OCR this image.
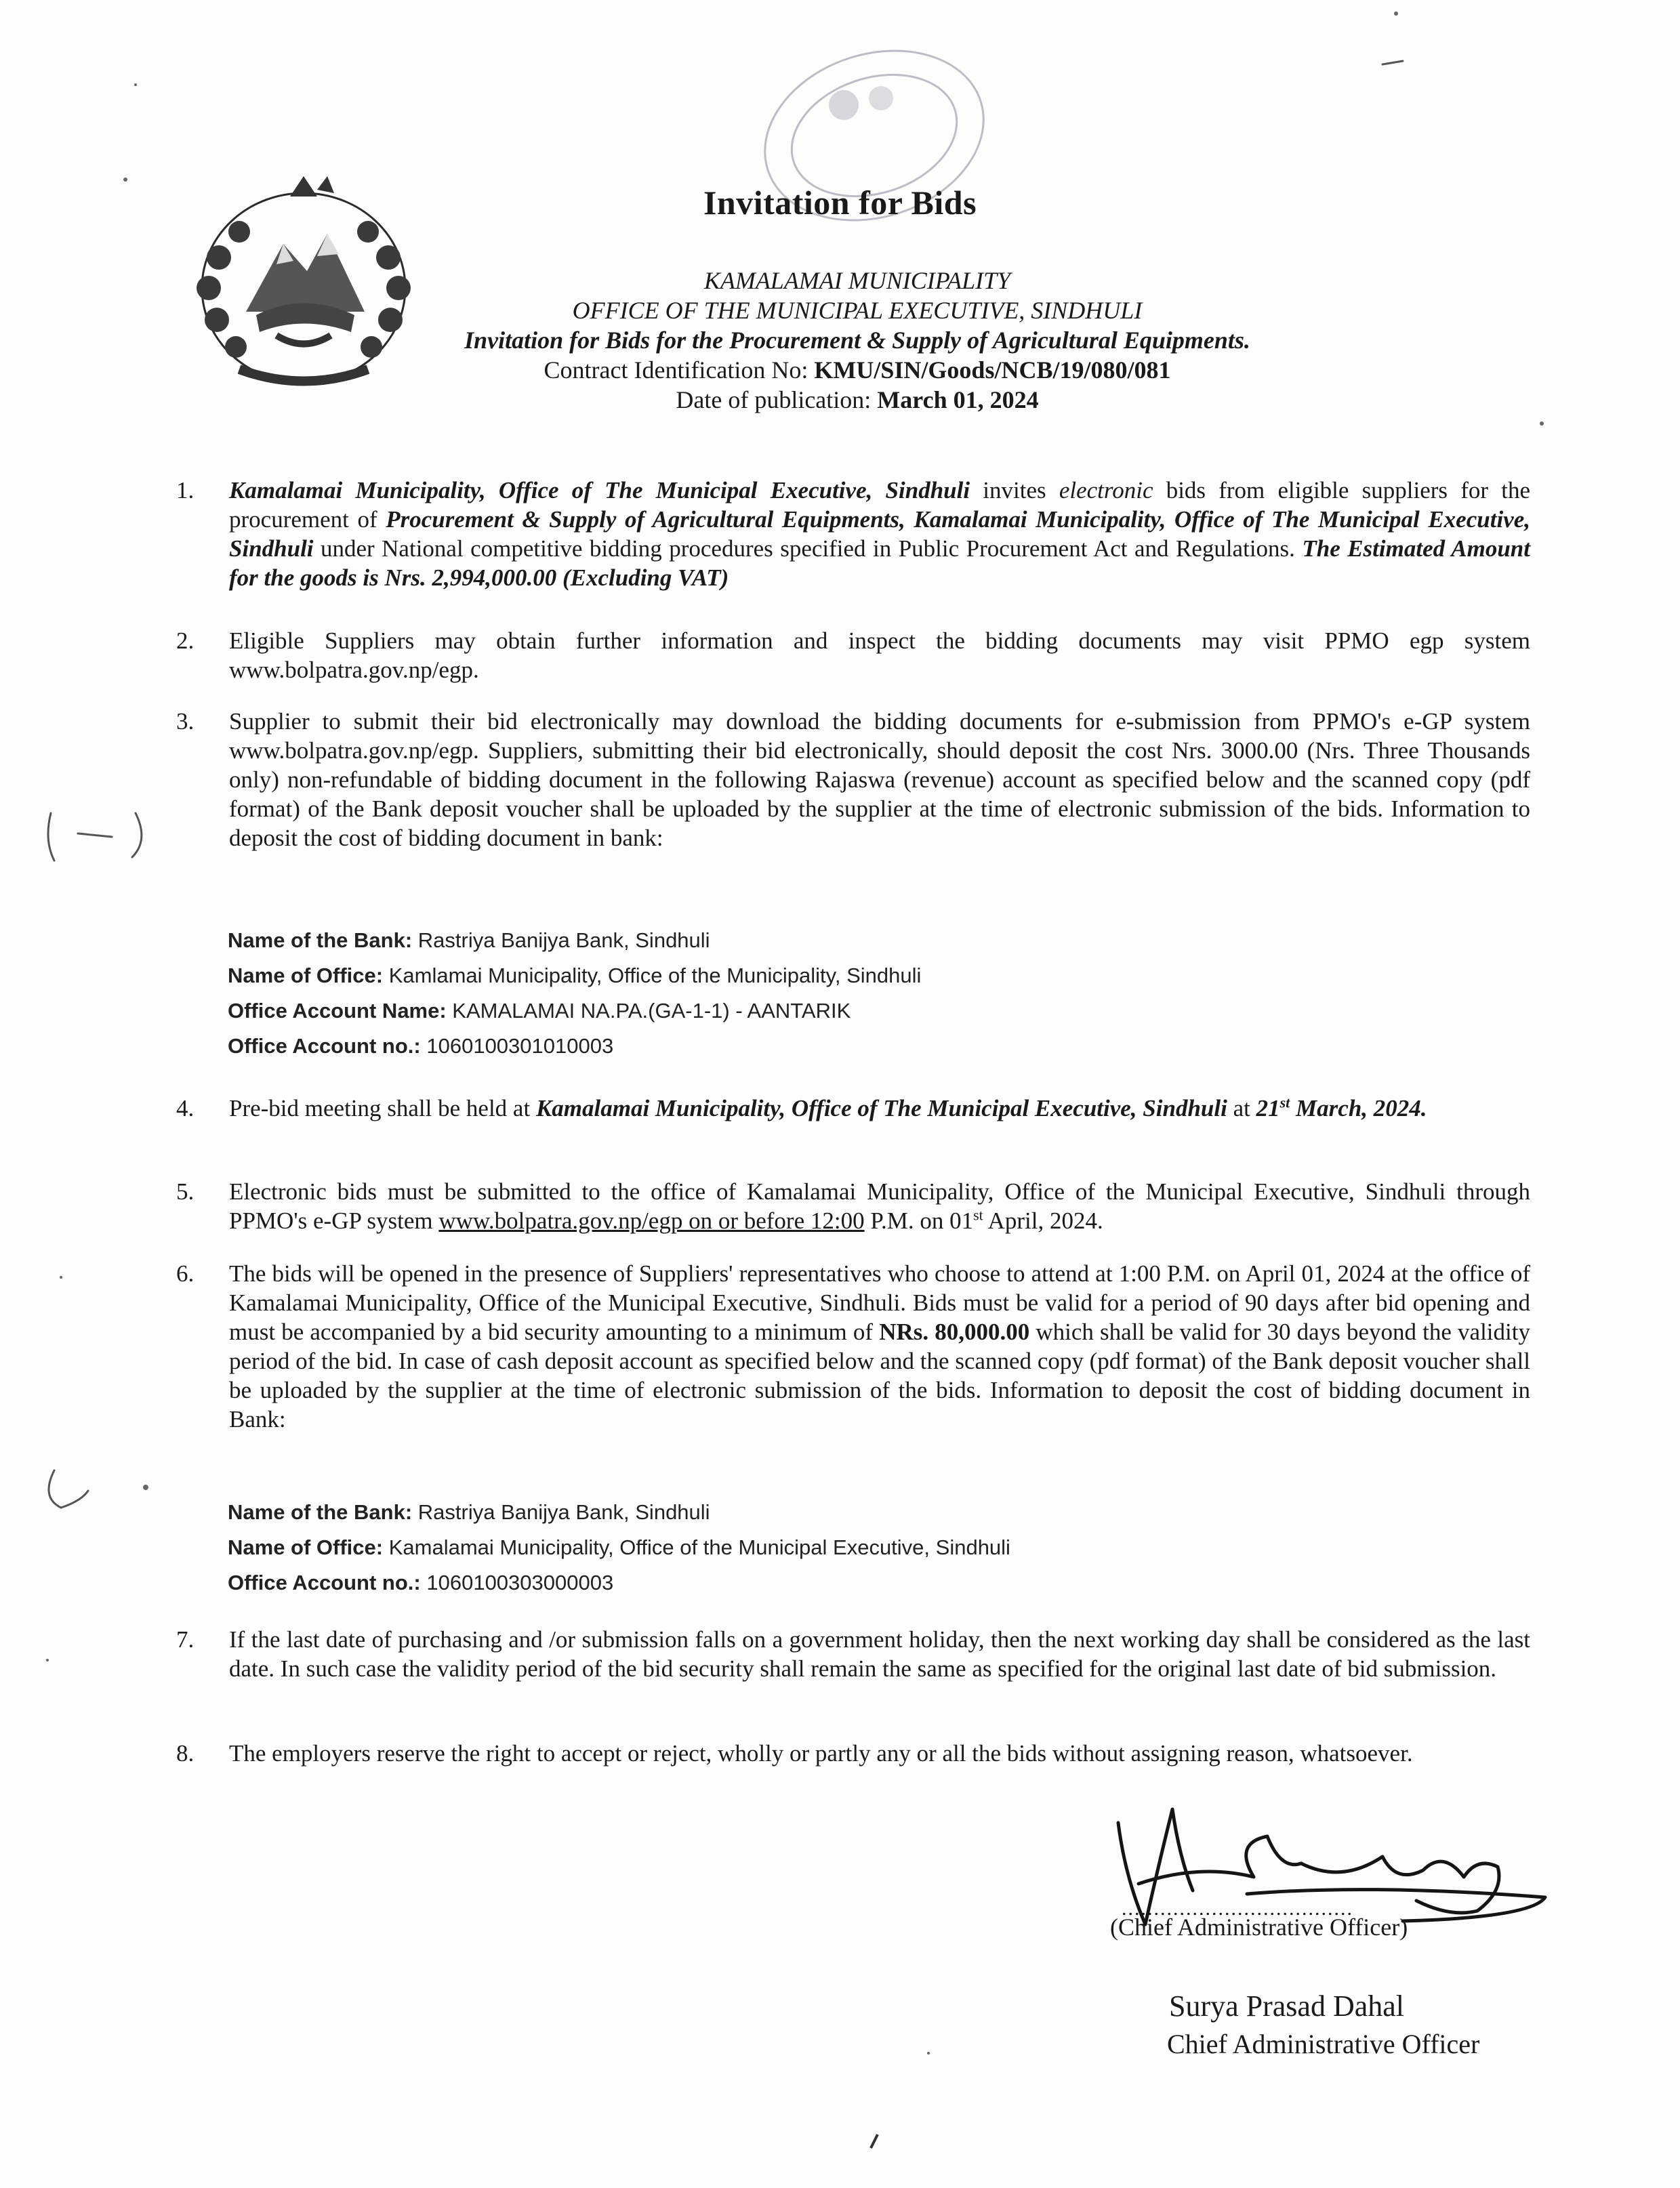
Invitation for Bids
KAMALAMAI MUNICIPALITY
OFFICE OF THE MUNICIPAL EXECUTIVE, SINDHULI
Invitation for Bids for the Procurement & Supply of Agricultural Equipments.
Contract Identification No: KMU/SIN/Goods/NCB/19/080/081
Date of publication: March 01, 2024
1.	Kamalamai Municipality, Office of The Municipal Executive, Sindhuli invites electronic bids from eligible suppliers for the procurement of Procurement & Supply of Agricultural Equipments, Kamalamai Municipality, Office of The Municipal Executive, Sindhuli under National competitive bidding procedures specified in Public Procurement Act and Regulations. The Estimated Amount for the goods is Nrs. 2,994,000.00 (Excluding VAT)
2.	Eligible Suppliers may obtain further information and inspect the bidding documents may visit PPMO egp system www.bolpatra.gov.np/egp.
3.	Supplier to submit their bid electronically may download the bidding documents for e-submission from PPMO's e-GP system www.bolpatra.gov.np/egp. Suppliers, submitting their bid electronically, should deposit the cost Nrs. 3000.00 (Nrs. Three Thousands only) non-refundable of bidding document in the following Rajaswa (revenue) account as specified below and the scanned copy (pdf format) of the Bank deposit voucher shall be uploaded by the supplier at the time of electronic submission of the bids. Information to deposit the cost of bidding document in bank:
Name of the Bank: Rastriya Banijya Bank, Sindhuli
Name of Office: Kamlamai Municipality, Office of the Municipality, Sindhuli
Office Account Name: KAMALAMAI NA.PA.(GA-1-1) - AANTARIK
Office Account no.: 1060100301010003
4.	Pre-bid meeting shall be held at Kamalamai Municipality, Office of The Municipal Executive, Sindhuli at 21st March, 2024.
5.	Electronic bids must be submitted to the office of Kamalamai Municipality, Office of the Municipal Executive, Sindhuli through PPMO's e-GP system www.bolpatra.gov.np/egp on or before 12:00 P.M. on 01st April, 2024.
6.	The bids will be opened in the presence of Suppliers' representatives who choose to attend at 1:00 P.M. on April 01, 2024 at the office of Kamalamai Municipality, Office of the Municipal Executive, Sindhuli. Bids must be valid for a period of 90 days after bid opening and must be accompanied by a bid security amounting to a minimum of NRs. 80,000.00 which shall be valid for 30 days beyond the validity period of the bid. In case of cash deposit account as specified below and the scanned copy (pdf format) of the Bank deposit voucher shall be uploaded by the supplier at the time of electronic submission of the bids. Information to deposit the cost of bidding document in Bank:
Name of the Bank: Rastriya Banijya Bank, Sindhuli
Name of Office: Kamalamai Municipality, Office of the Municipal Executive, Sindhuli
Office Account no.: 1060100303000003
7.	If the last date of purchasing and /or submission falls on a government holiday, then the next working day shall be considered as the last date. In such case the validity period of the bid security shall remain the same as specified for the original last date of bid submission.
8.	The employers reserve the right to accept or reject, wholly or partly any or all the bids without assigning reason, whatsoever.
....................................
(Chief Administrative Officer)
Surya Prasad Dahal
Chief Administrative Officer
